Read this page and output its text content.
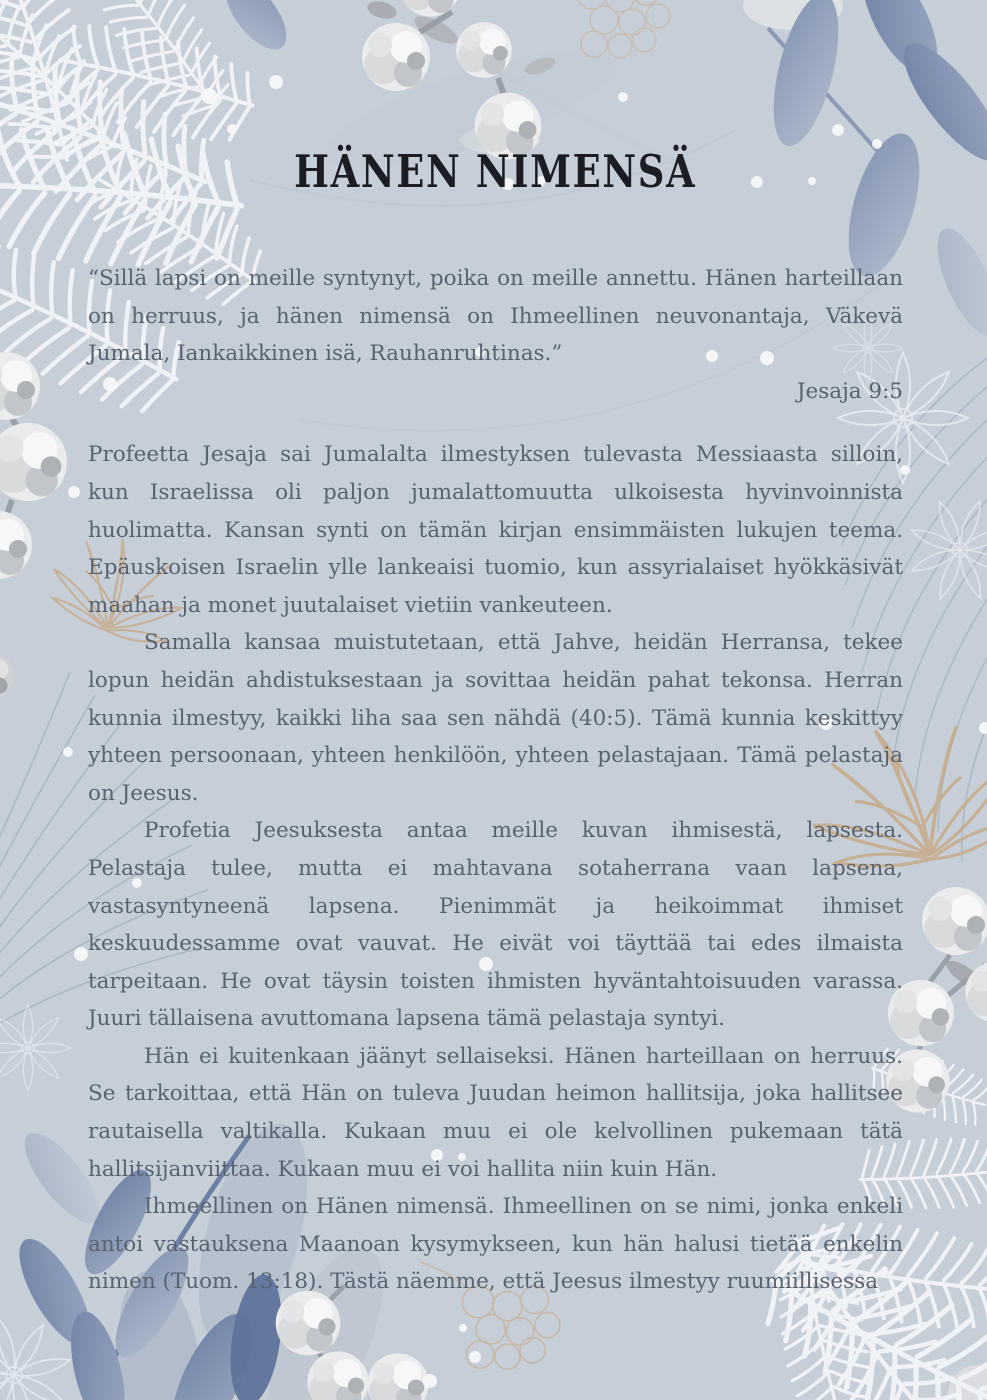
HÄNEN NIMENSÄ
“Sillä lapsi on meille syntynyt, poika on meille annettu. Hänen harteillaan on herruus, ja hänen nimensä on Ihmeellinen neuvonantaja, Väkevä Jumala, Iankaikkinen isä, Rauhanruhtinas.”
Jesaja 9:5

Profeetta Jesaja sai Jumalalta ilmestyksen tulevasta Messiaasta silloin, kun Israelissa oli paljon jumalattomuutta ulkoisesta hyvinvoinnista huolimatta. Kansan synti on tämän kirjan ensimmäisten lukujen teema. Epäuskoisen Israelin ylle lankeaisi tuomio, kun assyrialaiset hyökkäsivät maahan ja monet juutalaiset vietiin vankeuteen.

Samalla kansaa muistutetaan, että Jahve, heidän Herransa, tekee lopun heidän ahdistuksestaan ja sovittaa heidän pahat tekonsa. Herran kunnia ilmestyy, kaikki liha saa sen nähdä (40:5). Tämä kunnia keskittyy yhteen persoonaan, yhteen henkilöön, yhteen pelastajaan. Tämä pelastaja on Jeesus.

Profetia Jeesuksesta antaa meille kuvan ihmisestä, lapsesta. Pelastaja tulee, mutta ei mahtavana sotaherrana vaan lapsena, vastasyntyneenä lapsena. Pienimmät ja heikoimmat ihmiset keskuudessamme ovat vauvat. He eivät voi täyttää tai edes ilmaista tarpeitaan. He ovat täysin toisten ihmisten hyväntahtoisuuden varassa. Juuri tällaisena avuttomana lapsena tämä pelastaja syntyi.

Hän ei kuitenkaan jäänyt sellaiseksi. Hänen harteillaan on herruus. Se tarkoittaa, että Hän on tuleva Juudan heimon hallitsija, joka hallitsee rautaisella valtikalla. Kukaan muu ei ole kelvollinen pukemaan tätä hallitsijanviittaa. Kukaan muu ei voi hallita niin kuin Hän.

Ihmeellinen on Hänen nimensä. Ihmeellinen on se nimi, jonka enkeli antoi vastauksena Maanoan kysymykseen, kun hän halusi tietää enkelin nimen (Tuom. 13:18). Tästä näemme, että Jeesus ilmestyy ruumiillisessa
